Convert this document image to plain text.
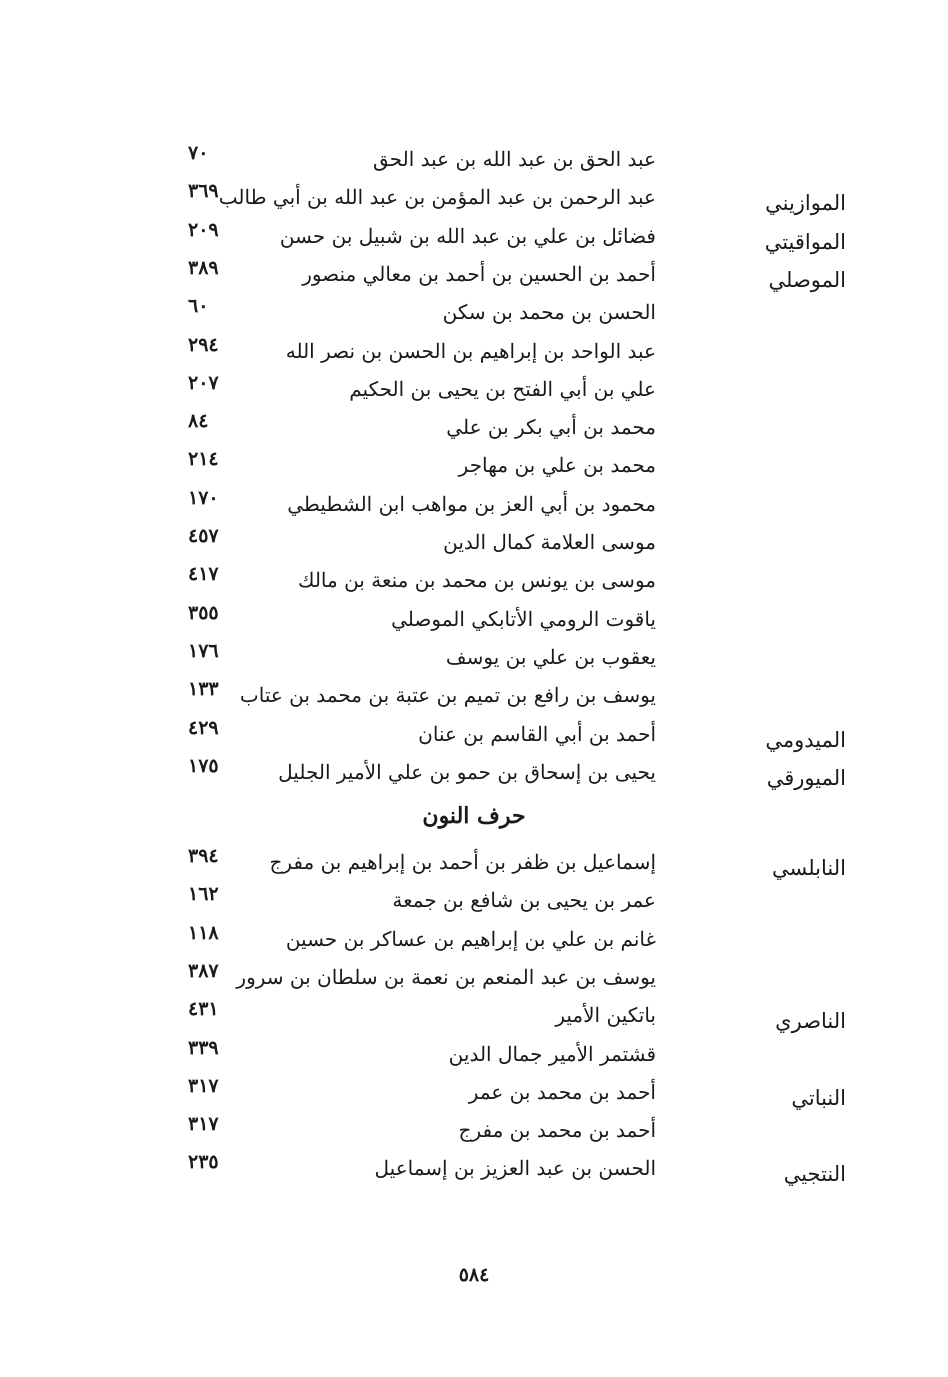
عبد الحق بن عبد الله بن عبد الحق
٧٠
الموازيني
عبد الرحمن بن عبد المؤمن بن عبد الله بن أبي طالب
٣٦٩
المواقيتي
فضائل بن علي بن عبد الله بن شبيل بن حسن
٢٠٩
الموصلي
أحمد بن الحسين بن أحمد بن معالي منصور
٣٨٩
الحسن بن محمد بن سكن
٦٠
عبد الواحد بن إبراهيم بن الحسن بن نصر الله
٢٩٤
علي بن أبي الفتح بن يحيى بن الحكيم
٢٠٧
محمد بن أبي بكر بن علي
٨٤
محمد بن علي بن مهاجر
٢١٤
محمود بن أبي العز بن مواهب ابن الشطيطي
١٧٠
موسى العلامة كمال الدين
٤٥٧
موسى بن يونس بن محمد بن منعة بن مالك
٤١٧
ياقوت الرومي الأتابكي الموصلي
٣٥٥
يعقوب بن علي بن يوسف
١٧٦
يوسف بن رافع بن تميم بن عتبة بن محمد بن عتاب
١٣٣
الميدومي
أحمد بن أبي القاسم بن عنان
٤٢٩
الميورقي
يحيى بن إسحاق بن حمو بن علي الأمير الجليل
١٧٥
النابلسي
إسماعيل بن ظفر بن أحمد بن إبراهيم بن مفرج
٣٩٤
عمر بن يحيى بن شافع بن جمعة
١٦٢
غانم بن علي بن إبراهيم بن عساكر بن حسين
١١٨
يوسف بن عبد المنعم بن نعمة بن سلطان بن سرور
٣٨٧
الناصري
باتكين الأمير
٤٣١
قشتمر الأمير جمال الدين
٣٣٩
النباتي
أحمد بن محمد بن عمر
٣١٧
أحمد بن محمد بن مفرج
٣١٧
النتجيي
الحسن بن عبد العزيز بن إسماعيل
٢٣٥
حرف النون
٥٨٤
